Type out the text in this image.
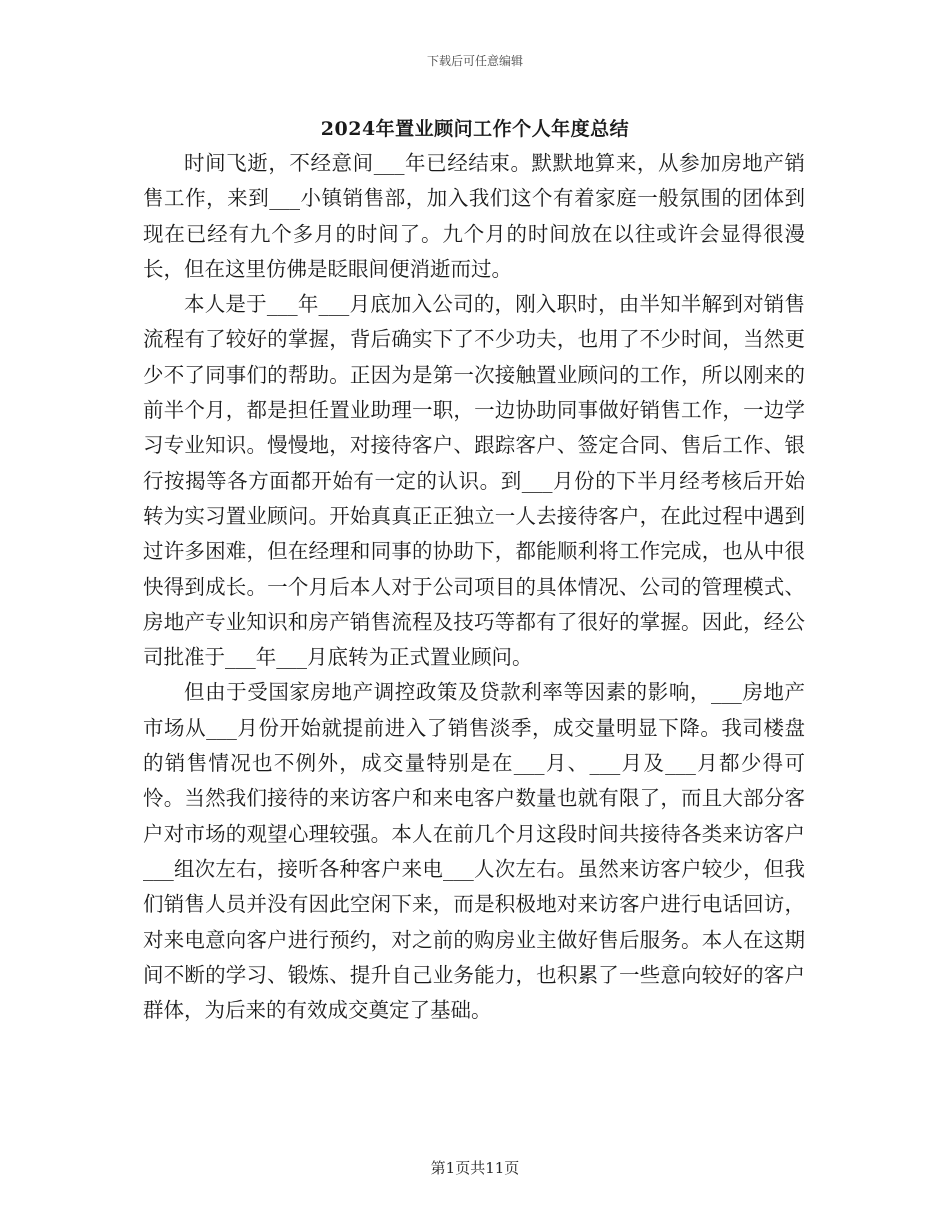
下载后可任意编辑
2024年置业顾问工作个人年度总结

时间飞逝，不经意间___年已经结束。默默地算来，从参加房地产销售工作，来到___小镇销售部，加入我们这个有着家庭一般氛围的团体到现在已经有九个多月的时间了。九个月的时间放在以往或许会显得很漫长，但在这里仿佛是眨眼间便消逝而过。

本人是于___年___月底加入公司的，刚入职时，由半知半解到对销售流程有了较好的掌握，背后确实下了不少功夫，也用了不少时间，当然更少不了同事们的帮助。正因为是第一次接触置业顾问的工作，所以刚来的前半个月，都是担任置业助理一职，一边协助同事做好销售工作，一边学习专业知识。慢慢地，对接待客户、跟踪客户、签定合同、售后工作、银行按揭等各方面都开始有一定的认识。到___月份的下半月经考核后开始转为实习置业顾问。开始真真正正独立一人去接待客户，在此过程中遇到过许多困难，但在经理和同事的协助下，都能顺利将工作完成，也从中很快得到成长。一个月后本人对于公司项目的具体情况、公司的管理模式、房地产专业知识和房产销售流程及技巧等都有了很好的掌握。因此，经公司批准于___年___月底转为正式置业顾问。

但由于受国家房地产调控政策及贷款利率等因素的影响，___房地产市场从___月份开始就提前进入了销售淡季，成交量明显下降。我司楼盘的销售情况也不例外，成交量特别是在___月、___月及___月都少得可怜。当然我们接待的来访客户和来电客户数量也就有限了，而且大部分客户对市场的观望心理较强。本人在前几个月这段时间共接待各类来访客户___组次左右，接听各种客户来电___人次左右。虽然来访客户较少，但我们销售人员并没有因此空闲下来，而是积极地对来访客户进行电话回访，对来电意向客户进行预约，对之前的购房业主做好售后服务。本人在这期间不断的学习、锻炼、提升自己业务能力，也积累了一些意向较好的客户群体，为后来的有效成交奠定了基础。

第1页共11页
